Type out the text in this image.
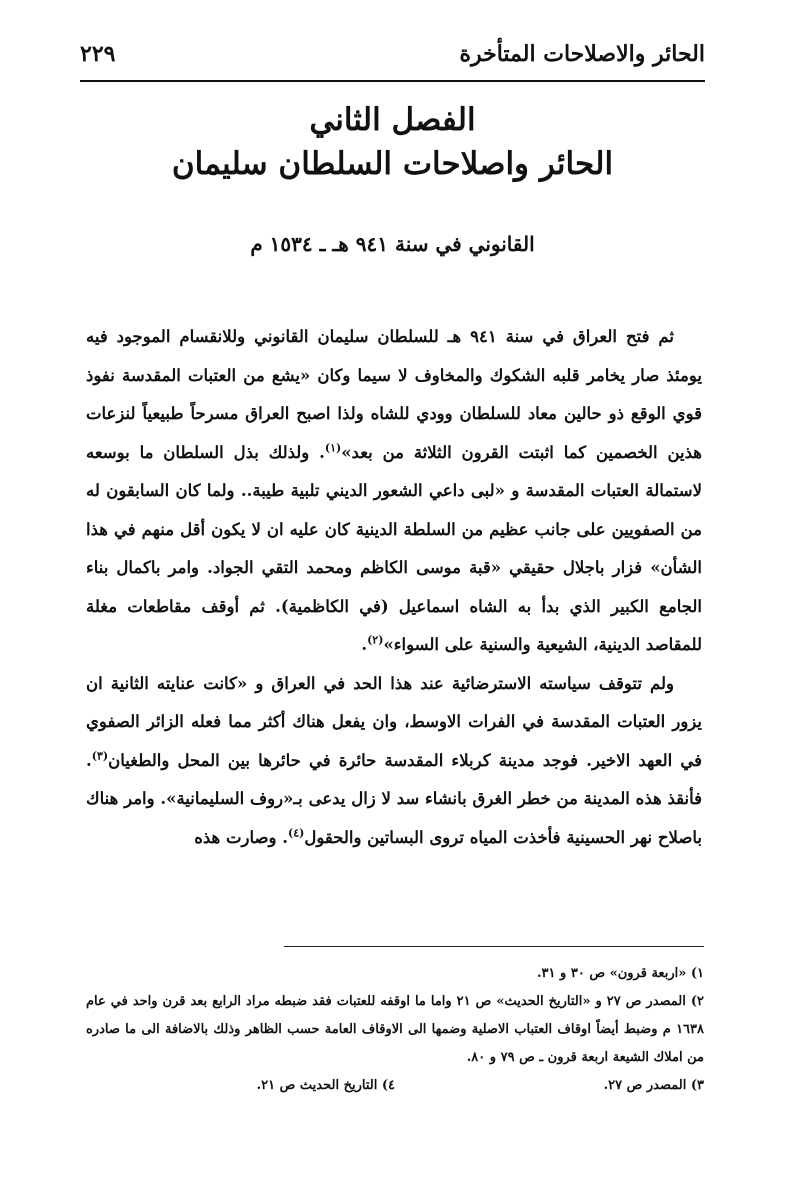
الحائر والاصلاحات المتأخرة
٢٢٩
الفصل الثاني
الحائر واصلاحات السلطان سليمان
القانوني في سنة ٩٤١ هـ ـ ١٥٣٤ م

ثم فتح العراق في سنة ٩٤١ هـ للسلطان سليمان القانوني وللانقسام الموجود فيه يومئذ صار يخامر قلبه الشكوك والمخاوف لا سيما وكان «يشع من العتبات المقدسة نفوذ قوي الوقع ذو حالين معاد للسلطان وودي للشاه ولذا اصبح العراق مسرحاً طبيعياً لنزعات هذين الخصمين كما اثبتت القرون الثلاثة من بعد»$^{(١)}$. ولذلك بذل السلطان ما بوسعه لاستمالة العتبات المقدسة و «لبى داعي الشعور الديني تلبية طيبة.. ولما كان السابقون له من الصفويين على جانب عظيم من السلطة الدينية كان عليه ان لا يكون أقل منهم في هذا الشأن» فزار باجلال حقيقي «قبة موسى الكاظم ومحمد التقي الجواد. وامر باكمال بناء الجامع الكبير الذي بدأ به الشاه اسماعيل (في الكاظمية). ثم أوقف مقاطعات مغلة للمقاصد الدينية، الشيعية والسنية على السواء»$^{(٢)}$.

ولم تتوقف سياسته الاسترضائية عند هذا الحد في العراق و «كانت عنايته الثانية ان يزور العتبات المقدسة في الفرات الاوسط، وان يفعل هناك أكثر مما فعله الزائر الصفوي في العهد الاخير. فوجد مدينة كربلاء المقدسة حائرة في حائرها بين المحل والطغيان$^{(٣)}$. فأنقذ هذه المدينة من خطر الغرق بانشاء سد لا زال يدعى بـ«روف السليمانية». وامر هناك باصلاح نهر الحسينية فأخذت المياه تروى البساتين والحقول$^{(٤)}$. وصارت هذه

١) «اربعة قرون» ص ٣٠ و ٣١.

٢) المصدر ص ٢٧ و «التاريخ الحديث» ص ٢١ واما ما اوقفه للعتبات فقد ضبطه مراد الرابع بعد قرن واحد في عام ١٦٣٨ م وضبط أيضاً اوقاف العتباب الاصلية وضمها الى الاوقاف العامة حسب الظاهر وذلك بالاضافة الى ما صادره من املاك الشيعة اربعة قرون ـ ص ٧٩ و ٨٠.

٣) المصدر ص ٢٧.
٤) التاريخ الحديث ص ٢١.
